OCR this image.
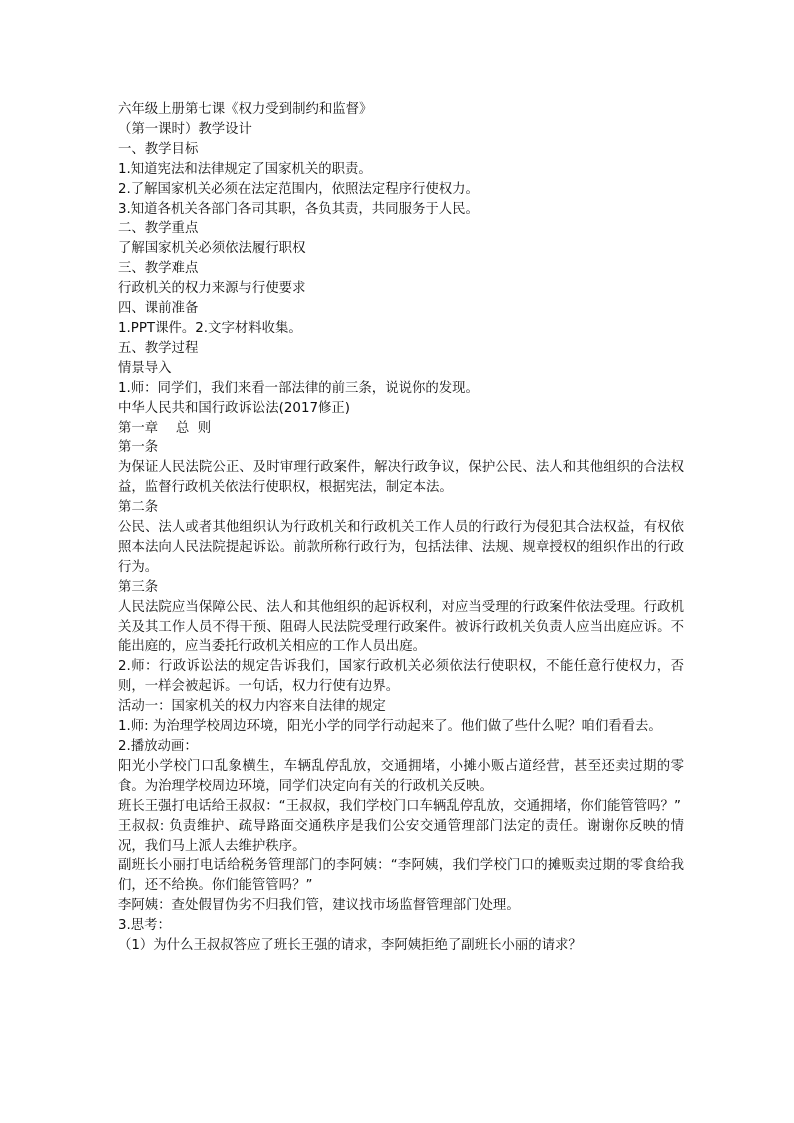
六年级上册第七课《权力受到制约和监督》

（第一课时）教学设计

一、教学目标

1.知道宪法和法律规定了国家机关的职责。

2.了解国家机关必须在法定范围内，依照法定程序行使权力。

3.知道各机关各部门各司其职，各负其责，共同服务于人民。

二、教学重点

了解国家机关必须依法履行职权

三、教学难点

行政机关的权力来源与行使要求

四、课前准备

1.PPT课件。2.文字材料收集。

五、教学过程

情景导入

1.师：同学们，我们来看一部法律的前三条，说说你的发现。

中华人民共和国行政诉讼法(2017修正)

第一章　 总  则

第一条

为保证人民法院公正、及时审理行政案件，解决行政争议，保护公民、法人和其他组织的合法权益，监督行政机关依法行使职权，根据宪法，制定本法。

第二条

公民、法人或者其他组织认为行政机关和行政机关工作人员的行政行为侵犯其合法权益，有权依照本法向人民法院提起诉讼。前款所称行政行为，包括法律、法规、规章授权的组织作出的行政行为。

第三条

人民法院应当保障公民、法人和其他组织的起诉权利，对应当受理的行政案件依法受理。行政机关及其工作人员不得干预、阻碍人民法院受理行政案件。被诉行政机关负责人应当出庭应诉。不能出庭的，应当委托行政机关相应的工作人员出庭。

2.师：行政诉讼法的规定告诉我们，国家行政机关必须依法行使职权，不能任意行使权力，否则，一样会被起诉。一句话，权力行使有边界。

活动一：国家机关的权力内容来自法律的规定

1.师: 为治理学校周边环境，阳光小学的同学行动起来了。他们做了些什么呢？咱们看看去。

2.播放动画：

阳光小学校门口乱象横生，车辆乱停乱放，交通拥堵，小摊小贩占道经营，甚至还卖过期的零食。为治理学校周边环境，同学们决定向有关的行政机关反映。

班长王强打电话给王叔叔：“王叔叔，我们学校门口车辆乱停乱放，交通拥堵，你们能管管吗？”

王叔叔: 负责维护、疏导路面交通秩序是我们公安交通管理部门法定的责任。谢谢你反映的情况，我们马上派人去维护秩序。

副班长小丽打电话给税务管理部门的李阿姨：“李阿姨，我们学校门口的摊贩卖过期的零食给我们，还不给换。你们能管管吗？”

李阿姨：查处假冒伪劣不归我们管，建议找市场监督管理部门处理。

3.思考：

（1）为什么王叔叔答应了班长王强的请求，李阿姨拒绝了副班长小丽的请求？
